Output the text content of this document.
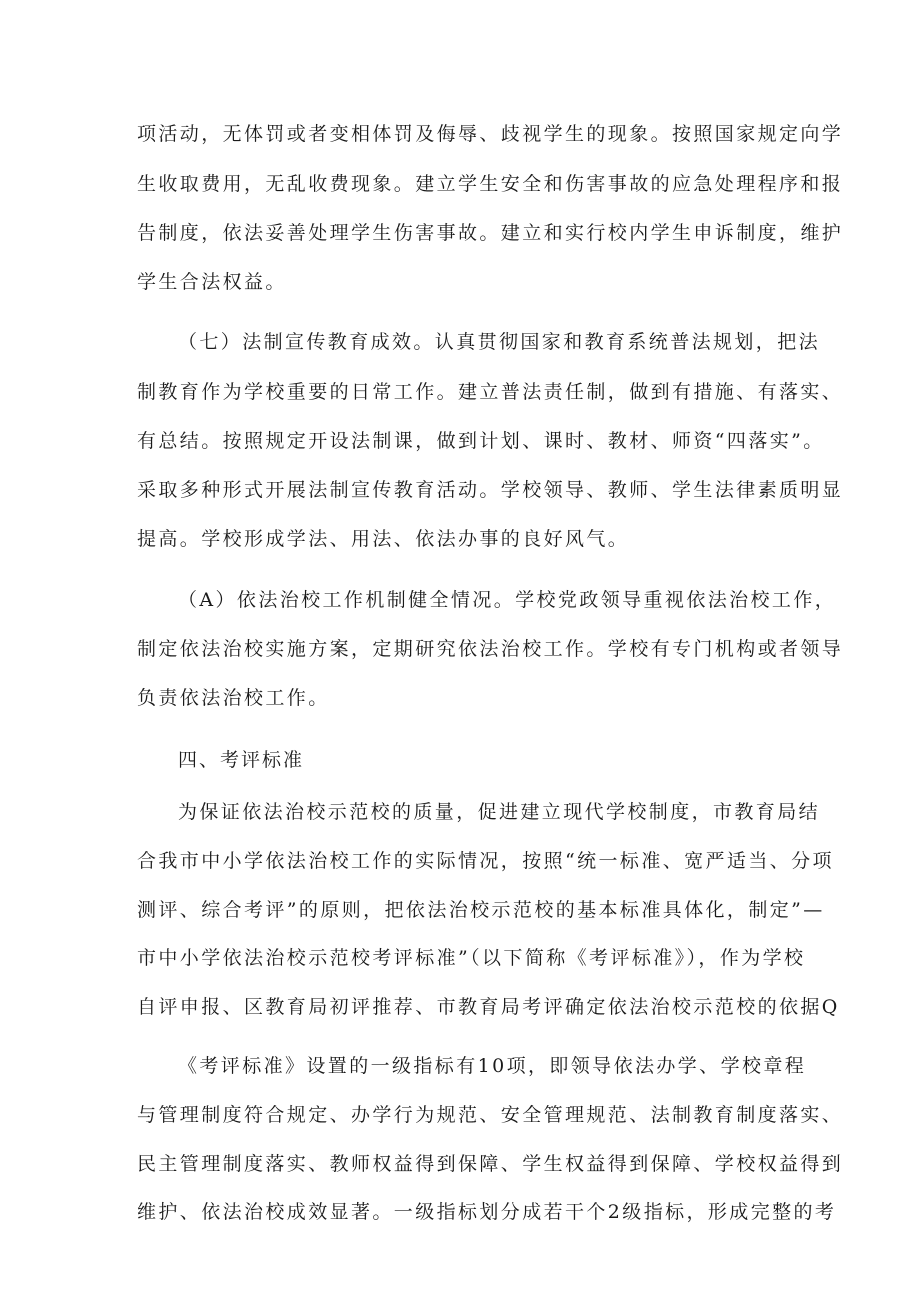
项活动，无体罚或者变相体罚及侮辱、歧视学生的现象。按照国家规定向学
生收取费用，无乱收费现象。建立学生安全和伤害事故的应急处理程序和报
告制度，依法妥善处理学生伤害事故。建立和实行校内学生申诉制度，维护
学生合法权益。
（七）法制宣传教育成效。认真贯彻国家和教育系统普法规划，把法
制教育作为学校重要的日常工作。建立普法责任制，做到有措施、有落实、
有总结。按照规定开设法制课，做到计划、课时、教材、师资“四落实”。
采取多种形式开展法制宣传教育活动。学校领导、教师、学生法律素质明显
提高。学校形成学法、用法、依法办事的良好风气。
（A）依法治校工作机制健全情况。学校党政领导重视依法治校工作，
制定依法治校实施方案，定期研究依法治校工作。学校有专门机构或者领导
负责依法治校工作。
四、考评标准
为保证依法治校示范校的质量，促进建立现代学校制度，市教育局结
合我市中小学依法治校工作的实际情况，按照“统一标准、宽严适当、分项
测评、综合考评”的原则，把依法治校示范校的基本标准具体化，制定”—
市中小学依法治校示范校考评标准”（以下简称《考评标准》），作为学校
自评申报、区教育局初评推荐、市教育局考评确定依法治校示范校的依据Q
《考评标准》设置的一级指标有10项，即领导依法办学、学校章程
与管理制度符合规定、办学行为规范、安全管理规范、法制教育制度落实、
民主管理制度落实、教师权益得到保障、学生权益得到保障、学校权益得到
维护、依法治校成效显著。一级指标划分成若干个2级指标，形成完整的考
